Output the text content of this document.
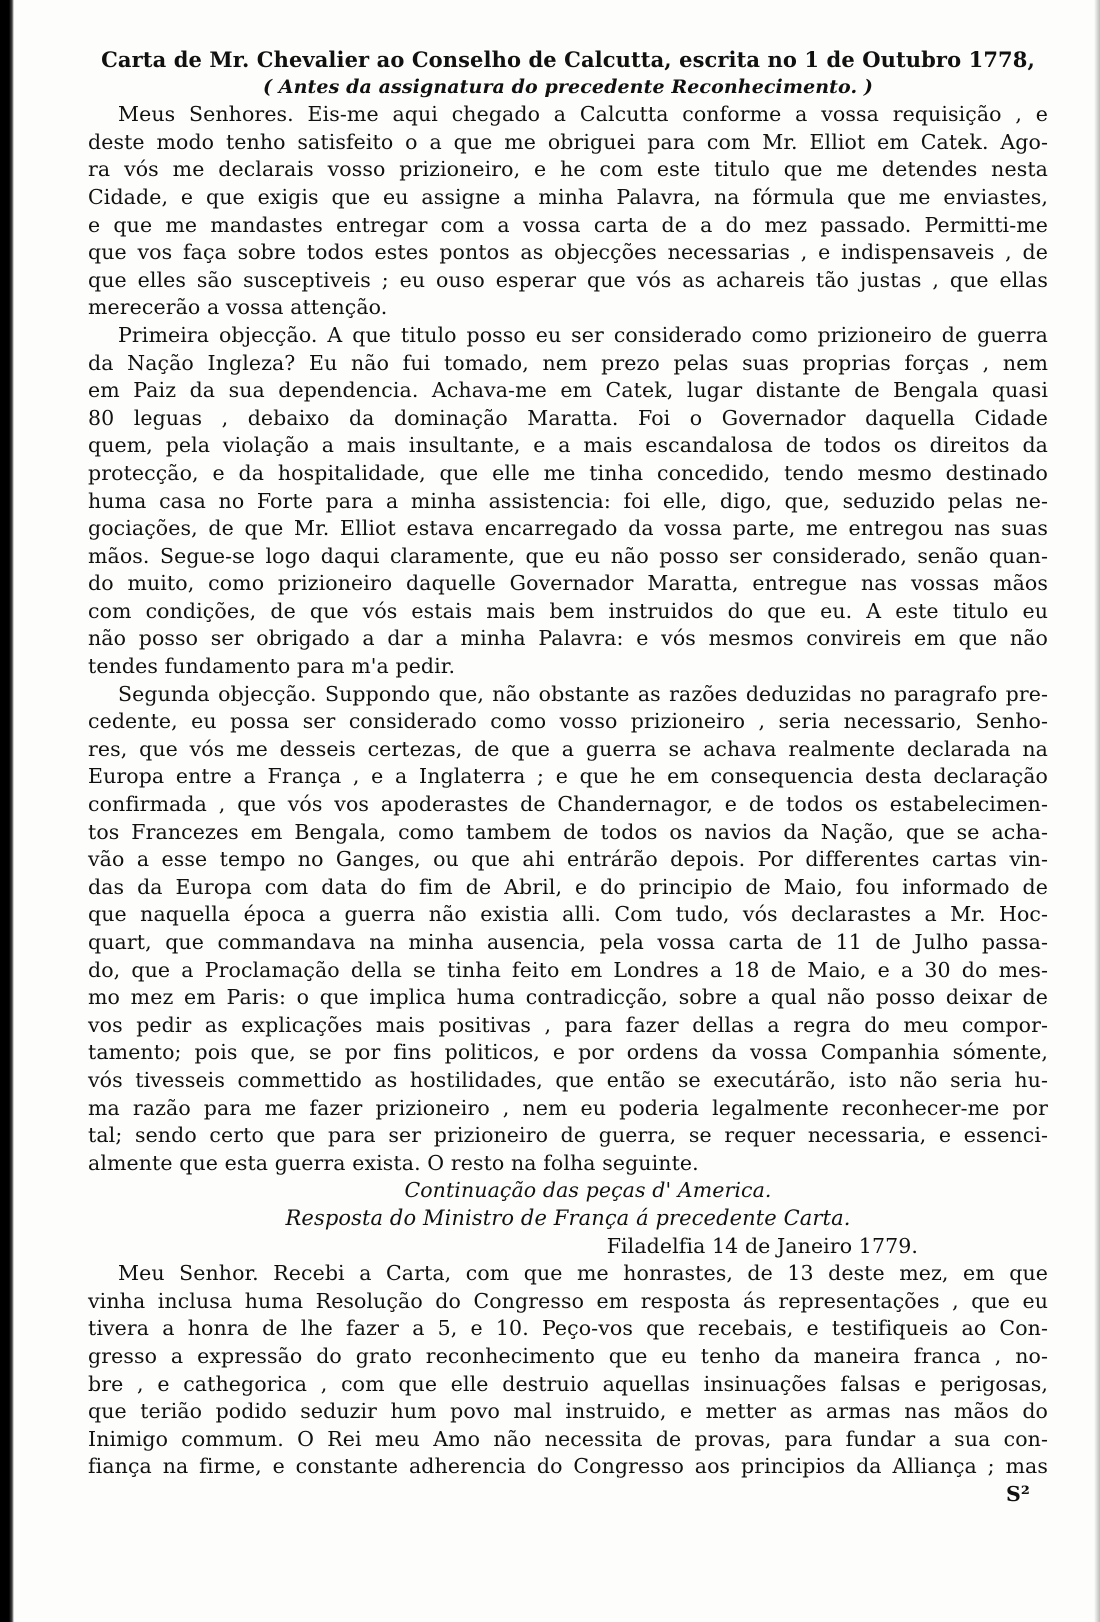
Carta de Mr. Chevalier ao Conselho de Calcutta, escrita no 1 de Outubro 1778,
( Antes da assignatura do precedente Reconhecimento. )
Meus Senhores. Eis-me aqui chegado a Calcutta conforme a vossa requisição , e
deste modo tenho satisfeito o a que me obriguei para com Mr. Elliot em Catek. Ago-
ra vós me declarais vosso prizioneiro, e he com este titulo que me detendes nesta
Cidade, e que exigis que eu assigne a minha Palavra, na fórmula que me enviastes,
e que me mandastes entregar com a vossa carta de a do mez passado. Permitti-me
que vos faça sobre todos estes pontos as objecções necessarias , e indispensaveis , de
que elles são susceptiveis ; eu ouso esperar que vós as achareis tão justas , que ellas
merecerão a vossa attenção.
Primeira objecção. A que titulo posso eu ser considerado como prizioneiro de guerra
da Nação Ingleza? Eu não fui tomado, nem prezo pelas suas proprias forças , nem
em Paiz da sua dependencia. Achava-me em Catek, lugar distante de Bengala quasi
80 leguas , debaixo da dominação Maratta. Foi o Governador daquella Cidade
quem, pela violação a mais insultante, e a mais escandalosa de todos os direitos da
protecção, e da hospitalidade, que elle me tinha concedido, tendo mesmo destinado
huma casa no Forte para a minha assistencia: foi elle, digo, que, seduzido pelas ne-
gociações, de que Mr. Elliot estava encarregado da vossa parte, me entregou nas suas
mãos. Segue-se logo daqui claramente, que eu não posso ser considerado, senão quan-
do muito, como prizioneiro daquelle Governador Maratta, entregue nas vossas mãos
com condições, de que vós estais mais bem instruidos do que eu. A este titulo eu
não posso ser obrigado a dar a minha Palavra: e vós mesmos convireis em que não
tendes fundamento para m'a pedir.
Segunda objecção. Suppondo que, não obstante as razões deduzidas no paragrafo pre-
cedente, eu possa ser considerado como vosso prizioneiro , seria necessario, Senho-
res, que vós me desseis certezas, de que a guerra se achava realmente declarada na
Europa entre a França , e a Inglaterra ; e que he em consequencia desta declaração
confirmada , que vós vos apoderastes de Chandernagor, e de todos os estabelecimen-
tos Francezes em Bengala, como tambem de todos os navios da Nação, que se acha-
vão a esse tempo no Ganges, ou que ahi entrárão depois. Por differentes cartas vin-
das da Europa com data do fim de Abril, e do principio de Maio, fou informado de
que naquella época a guerra não existia alli. Com tudo, vós declarastes a Mr. Hoc-
quart, que commandava na minha ausencia, pela vossa carta de 11 de Julho passa-
do, que a Proclamação della se tinha feito em Londres a 18 de Maio, e a 30 do mes-
mo mez em Paris: o que implica huma contradicção, sobre a qual não posso deixar de
vos pedir as explicações mais positivas , para fazer dellas a regra do meu compor-
tamento; pois que, se por fins politicos, e por ordens da vossa Companhia sómente,
vós tivesseis commettido as hostilidades, que então se executárão, isto não seria hu-
ma razão para me fazer prizioneiro , nem eu poderia legalmente reconhecer-me por
tal; sendo certo que para ser prizioneiro de guerra, se requer necessaria, e essenci-
almente que esta guerra exista. O resto na folha seguinte.
Continuação das peças d' America.
Resposta do Ministro de França á precedente Carta.
Filadelfia 14 de Janeiro 1779.
Meu Senhor. Recebi a Carta, com que me honrastes, de 13 deste mez, em que
vinha inclusa huma Resolução do Congresso em resposta ás representações , que eu
tivera a honra de lhe fazer a 5, e 10. Peço-vos que recebais, e testifiqueis ao Con-
gresso a expressão do grato reconhecimento que eu tenho da maneira franca , no-
bre , e cathegorica , com que elle destruio aquellas insinuações falsas e perigosas,
que terião podido seduzir hum povo mal instruido, e metter as armas nas mãos do
Inimigo commum. O Rei meu Amo não necessita de provas, para fundar a sua con-
fiança na firme, e constante adherencia do Congresso aos principios da Alliança ; mas
S²
